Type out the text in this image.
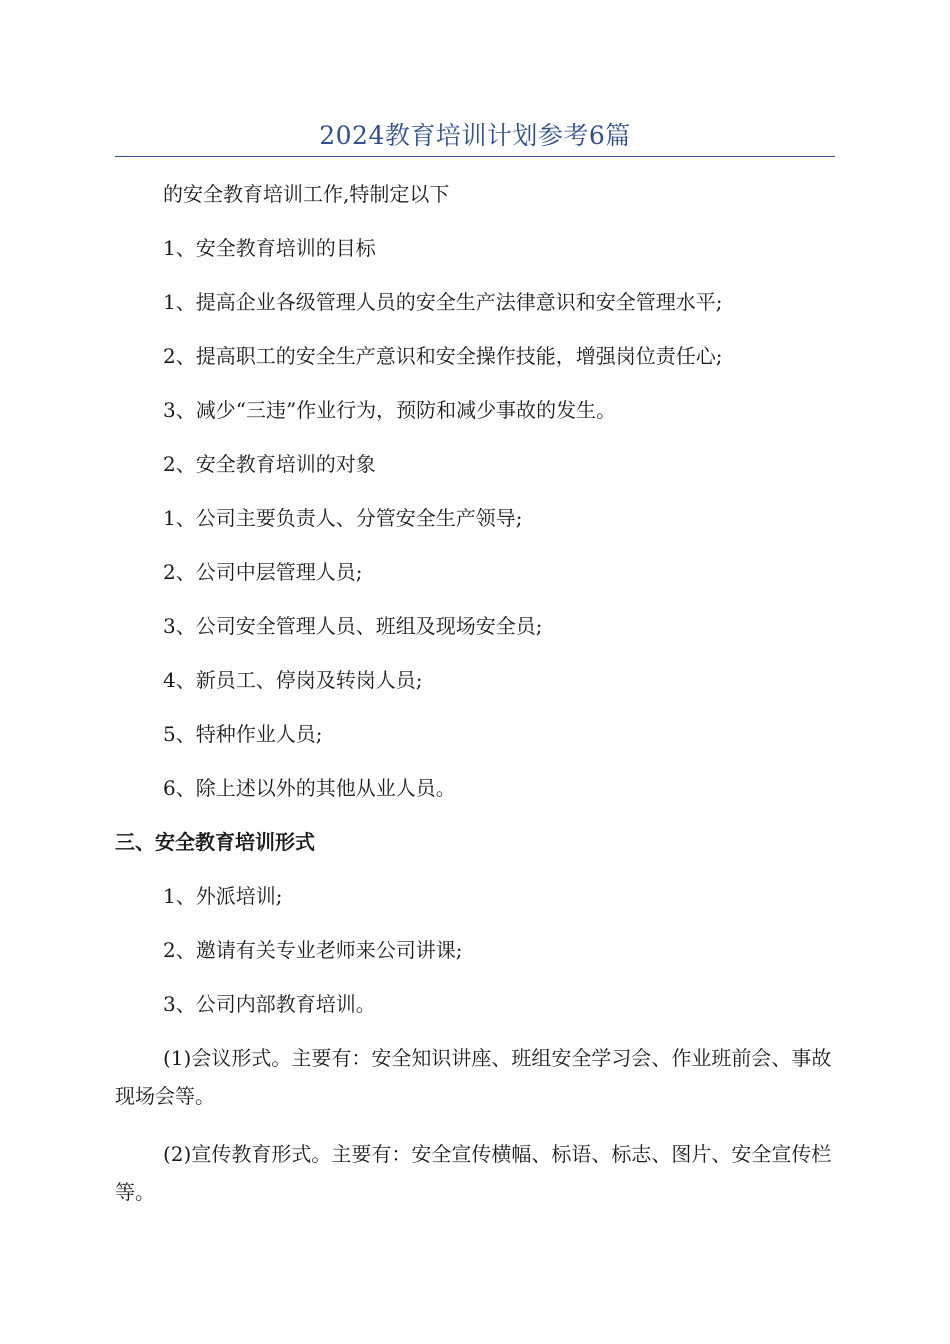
2024教育培训计划参考6篇

的安全教育培训工作,特制定以下

1、安全教育培训的目标

1、提高企业各级管理人员的安全生产法律意识和安全管理水平;

2、提高职工的安全生产意识和安全操作技能，增强岗位责任心;

3、减少“三违”作业行为，预防和减少事故的发生。

2、安全教育培训的对象

1、公司主要负责人、分管安全生产领导;

2、公司中层管理人员;

3、公司安全管理人员、班组及现场安全员;

4、新员工、停岗及转岗人员;

5、特种作业人员;

6、除上述以外的其他从业人员。

三、安全教育培训形式

1、外派培训;

2、邀请有关专业老师来公司讲课;

3、公司内部教育培训。

(1)会议形式。主要有：安全知识讲座、班组安全学习会、作业班前会、事故现场会等。

(2)宣传教育形式。主要有：安全宣传横幅、标语、标志、图片、安全宣传栏等。
